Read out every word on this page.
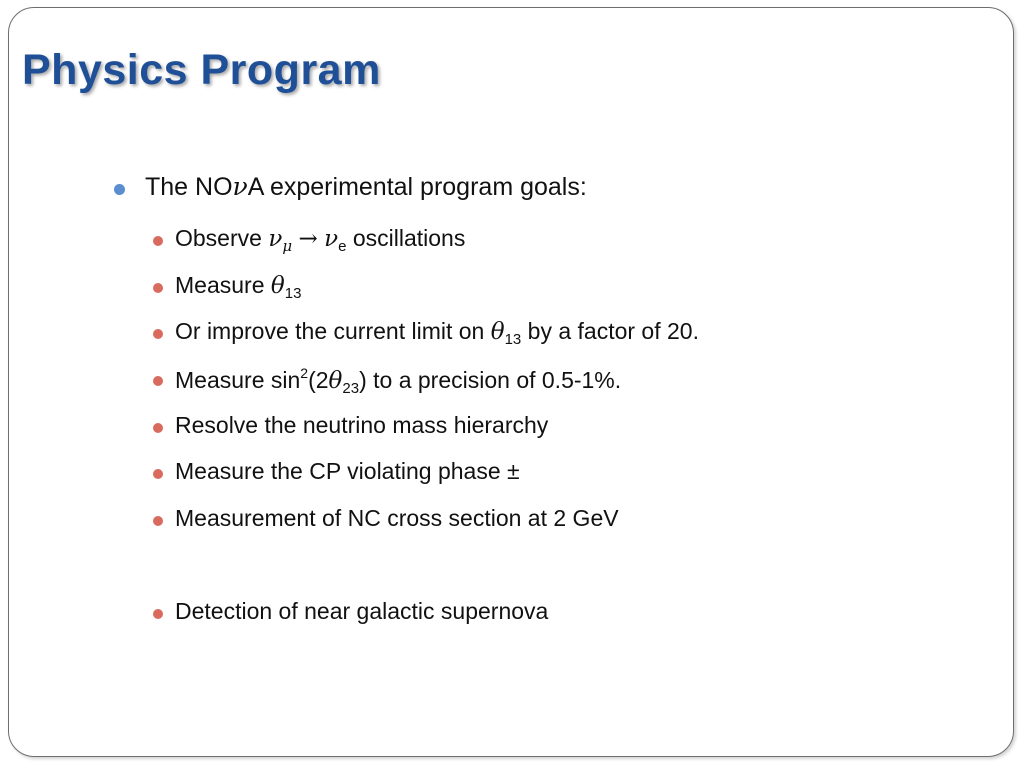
Physics Program
The NOνA experimental program goals:
Observe $\nu_\mu \to \nu_e$ oscillations
Measure $\theta_{13}$
Or improve the current limit on $\theta_{13}$ by a factor of 20.
Measure $\sin^2(2\theta_{23})$ to a precision of 0.5-1%.
Resolve the neutrino mass hierarchy
Measure the CP violating phase ±
Measurement of NC cross section at 2 GeV
Detection of near galactic supernova
